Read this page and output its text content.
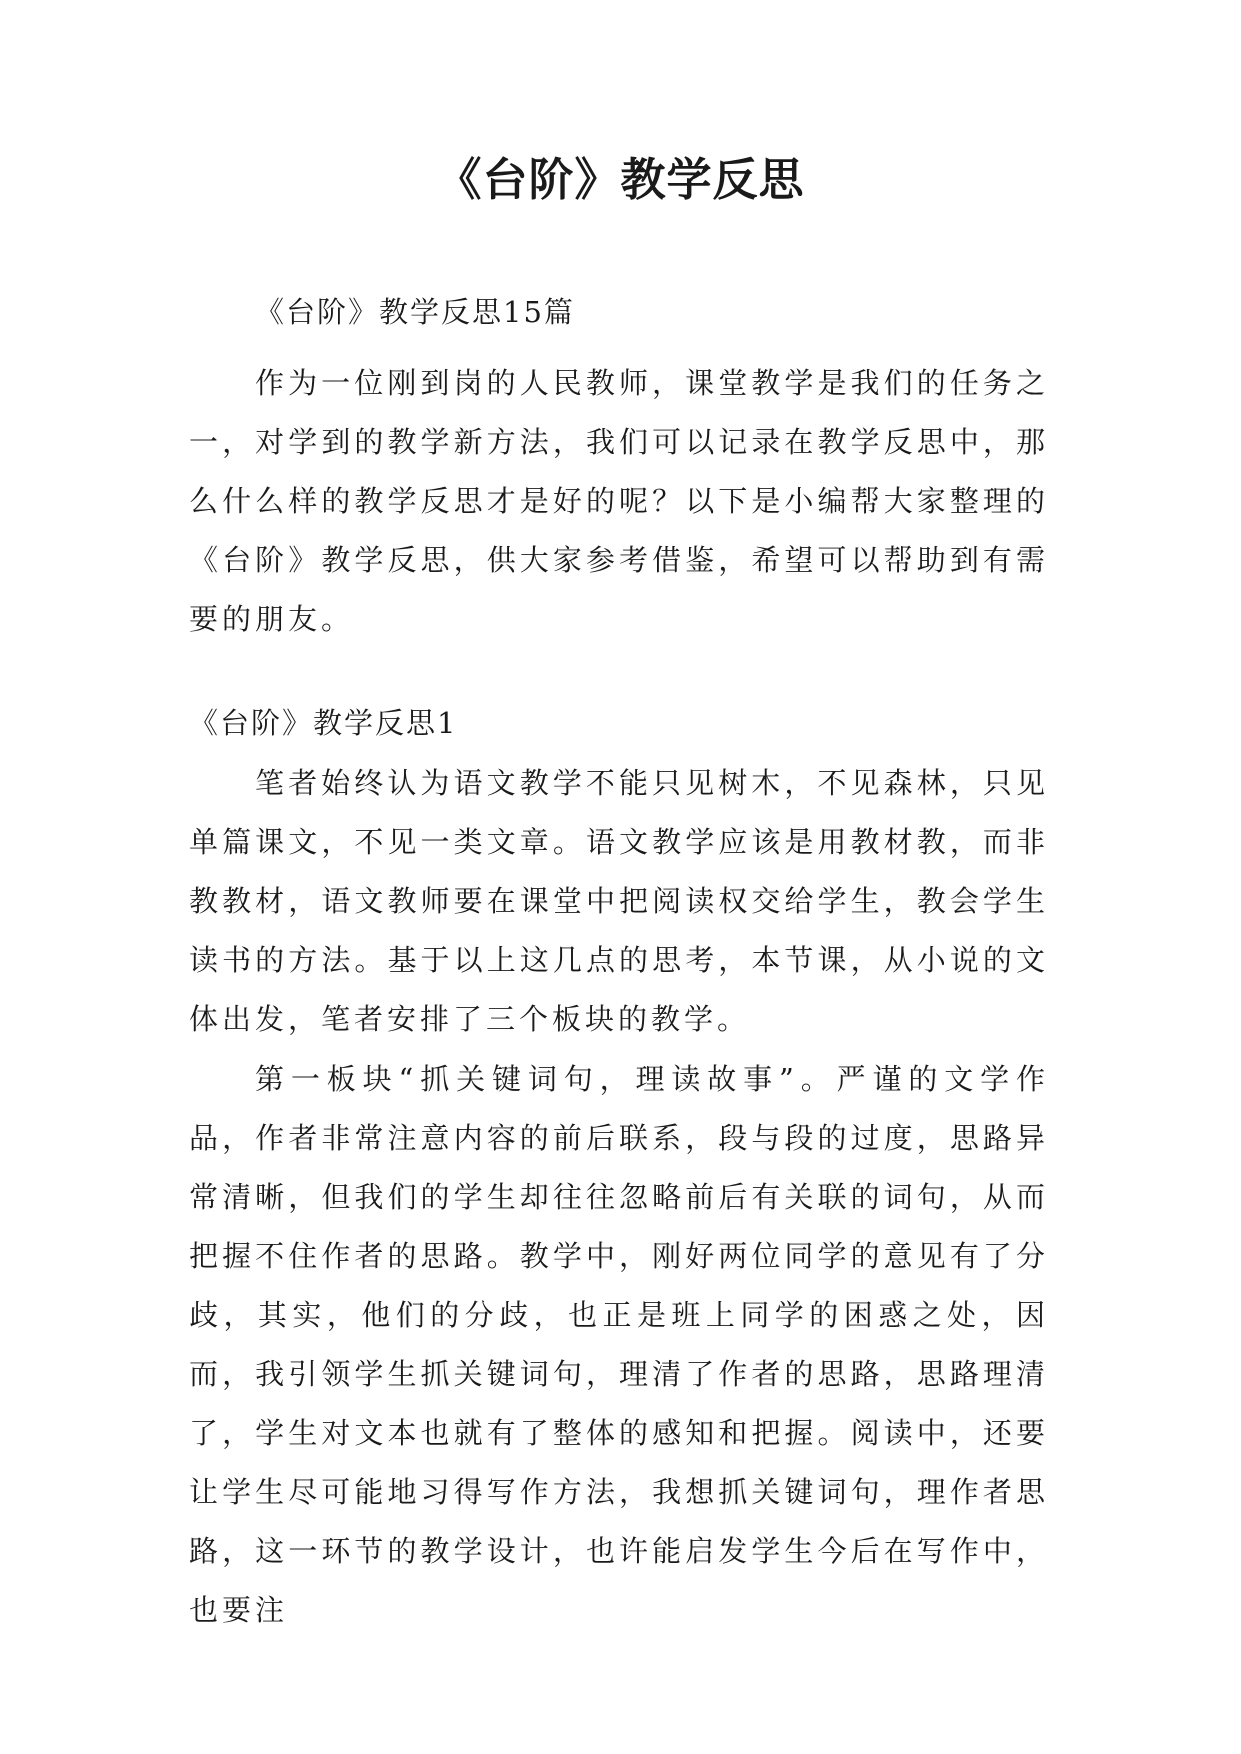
《台阶》教学反思

《台阶》教学反思15篇

作为一位刚到岗的人民教师，课堂教学是我们的任务之一，对学到的教学新方法，我们可以记录在教学反思中，那么什么样的教学反思才是好的呢？以下是小编帮大家整理的《台阶》教学反思，供大家参考借鉴，希望可以帮助到有需要的朋友。

《台阶》教学反思1

笔者始终认为语文教学不能只见树木，不见森林，只见单篇课文，不见一类文章。语文教学应该是用教材教，而非教教材，语文教师要在课堂中把阅读权交给学生，教会学生读书的方法。基于以上这几点的思考，本节课，从小说的文体出发，笔者安排了三个板块的教学。

第一板块“抓关键词句，理读故事”。严谨的文学作品，作者非常注意内容的前后联系，段与段的过度，思路异常清晰，但我们的学生却往往忽略前后有关联的词句，从而把握不住作者的思路。教学中，刚好两位同学的意见有了分歧，其实，他们的分歧，也正是班上同学的困惑之处，因而，我引领学生抓关键词句，理清了作者的思路，思路理清了，学生对文本也就有了整体的感知和把握。阅读中，还要让学生尽可能地习得写作方法，我想抓关键词句，理作者思路，这一环节的教学设计，也许能启发学生今后在写作中，也要注
